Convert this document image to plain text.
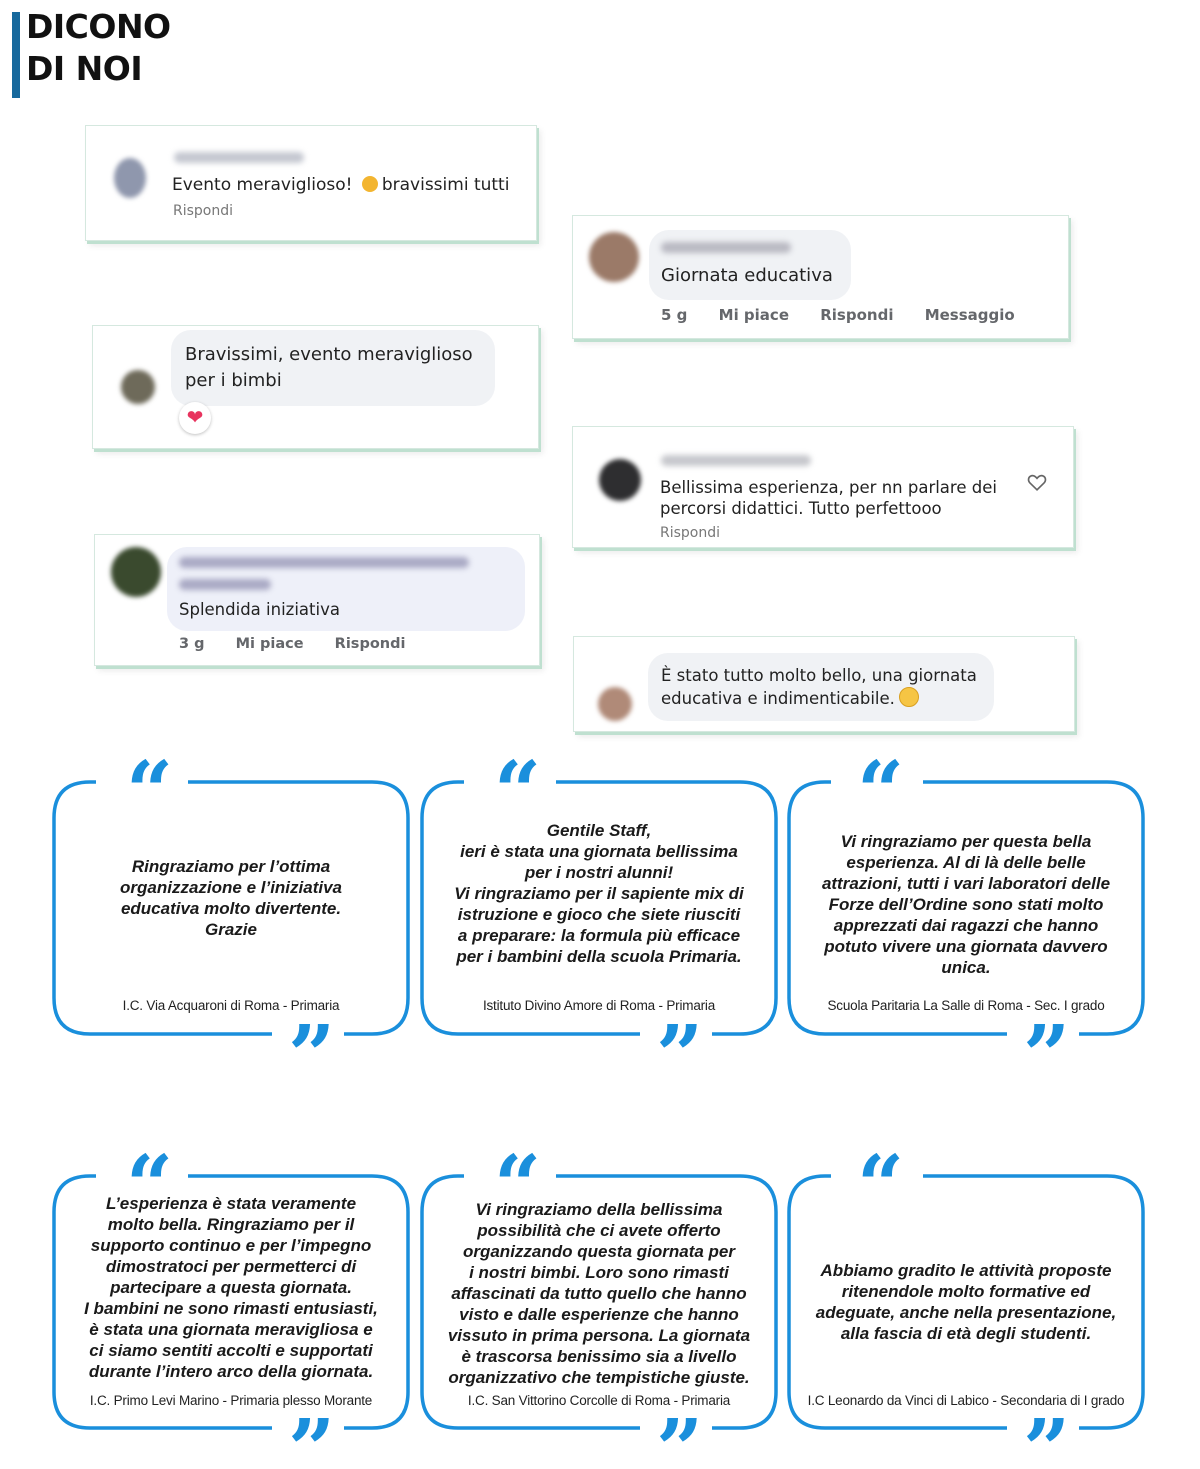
DICONO
DI NOI
Evento meraviglioso! bravissimi tutti
Rispondi
Giornata educativa
5 g Mi piace Rispondi Messaggio
Bravissimi, evento meraviglioso
per i bimbi
❤
Bellissima esperienza, per nn parlare dei
percorsi didattici. Tutto perfettooo
Rispondi
Splendida iniziativa
3 g Mi piace Rispondi
È stato tutto molto bello, una giornata
educativa e indimenticabile.
“

Ringraziamo per l’ottima
organizzazione e l’iniziativa
educativa molto divertente.
Grazie

I.C. Via Acquaroni di Roma - Primaria
”
“ Gentile Staff,
ieri è stata una giornata bellissima
per i nostri alunni!
Vi ringraziamo per il sapiente mix di
istruzione e gioco che siete riusciti
a preparare: la formula più efficace
per i bambini della scuola Primaria.

Istituto Divino Amore di Roma - Primaria
”
“

Vi ringraziamo per questa bella
esperienza. Al di là delle belle
attrazioni, tutti i vari laboratori delle
Forze dell’Ordine sono stati molto
apprezzati dai ragazzi che hanno
potuto vivere una giornata davvero
unica.

Scuola Paritaria La Salle di Roma - Sec. I grado
”
“

L’esperienza è stata veramente
molto bella. Ringraziamo per il
supporto continuo e per l’impegno
dimostratoci per permetterci di
partecipare a questa giornata.
I bambini ne sono rimasti entusiasti,
è stata una giornata meravigliosa e
ci siamo sentiti accolti e supportati
durante l’intero arco della giornata.

I.C. Primo Levi Marino - Primaria plesso Morante
”
“

Vi ringraziamo della bellissima
possibilità che ci avete offerto
organizzando questa giornata per
i nostri bimbi. Loro sono rimasti
affascinati da tutto quello che hanno
visto e dalle esperienze che hanno
vissuto in prima persona. La giornata
è trascorsa benissimo sia a livello
organizzativo che tempistiche giuste.

I.C. San Vittorino Corcolle di Roma - Primaria
”
“

Abbiamo gradito le attività proposte
ritenendole molto formative ed
adeguate, anche nella presentazione,
alla fascia di età degli studenti.

I.C Leonardo da Vinci di Labico - Secondaria di I grado
”
